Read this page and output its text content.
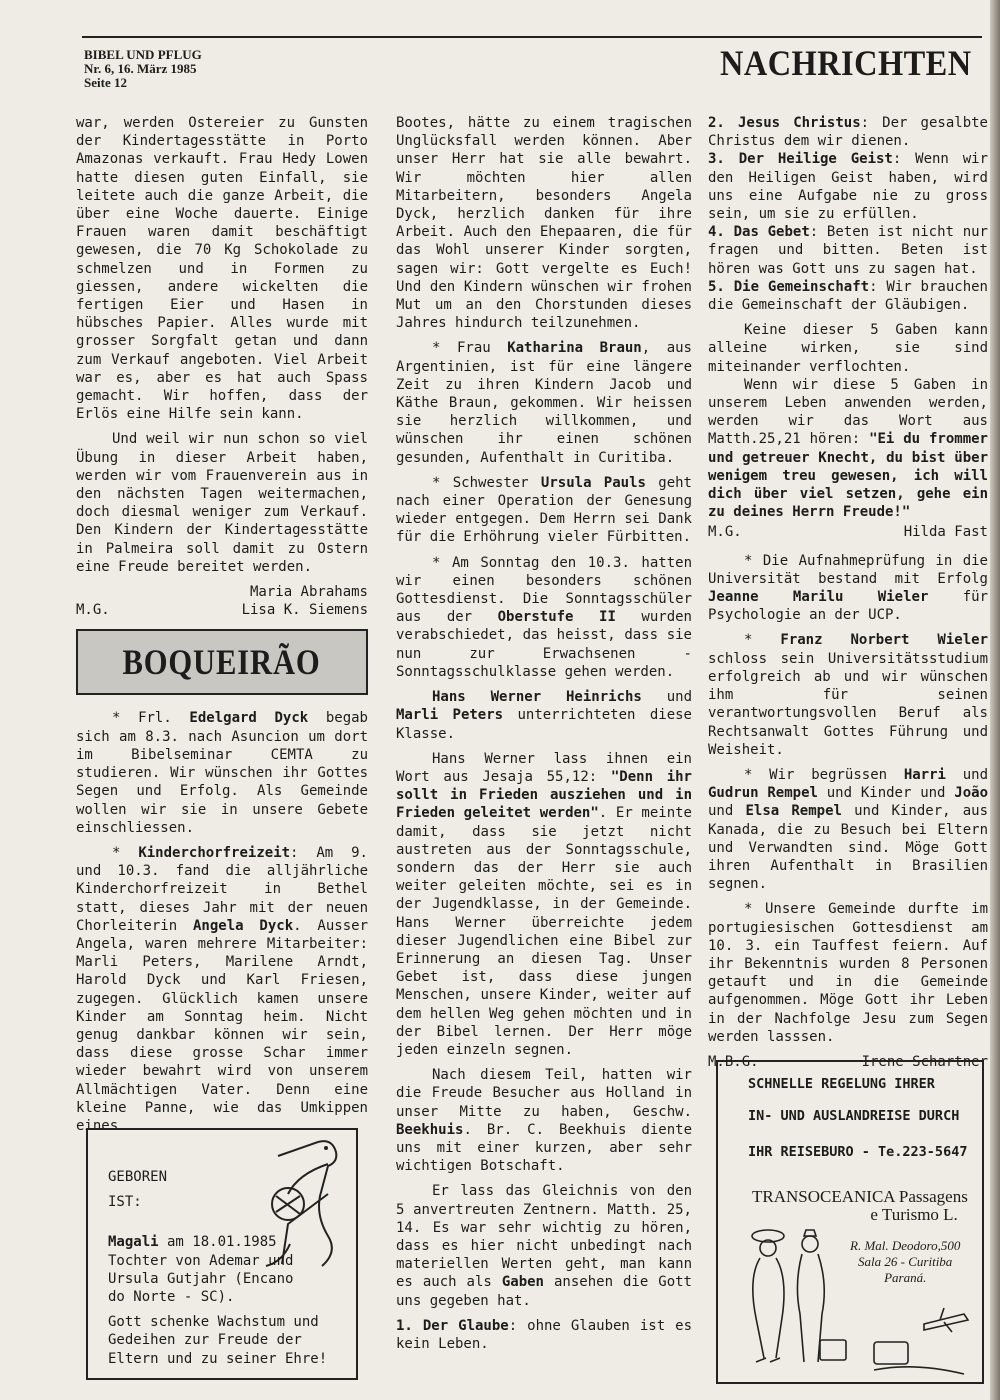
BIBEL UND PFLUG
Nr. 6, 16. März 1985
Seite 12	NACHRICHTEN

war, werden Ostereier zu Gunsten der Kindertagesstätte in Porto Amazonas verkauft. Frau Hedy Lowen hatte diesen guten Einfall, sie leitete auch die ganze Arbeit, die über eine Woche dauerte. Einige Frauen waren damit beschäftigt gewesen, die 70 Kg Schokolade zu schmelzen und in Formen zu giessen, andere wickelten die fertigen Eier und Hasen in hübsches Papier. Alles wurde mit grosser Sorgfalt getan und dann zum Verkauf angeboten. Viel Arbeit war es, aber es hat auch Spass gemacht. Wir hoffen, dass der Erlös eine Hilfe sein kann.

Und weil wir nun schon so viel Übung in dieser Arbeit haben, werden wir vom Frauenverein aus in den nächsten Tagen weitermachen, doch diesmal weniger zum Verkauf. Den Kindern der Kindertagesstätte in Palmeira soll damit zu Ostern eine Freude bereitet werden.

M.G.
Maria Abrahams
Lisa K. Siemens
BOQUEIRÃO

* Frl. Edelgard Dyck begab sich am 8.3. nach Asuncion um dort im Bibelseminar CEMTA zu studieren. Wir wünschen ihr Gottes Segen und Erfolg. Als Gemeinde wollen wir sie in unsere Gebete einschliessen.

* Kinderchorfreizeit: Am 9. und 10.3. fand die alljährliche Kinderchorfreizeit in Bethel statt, dieses Jahr mit der neuen Chorleiterin Angela Dyck. Ausser Angela, waren mehrere Mitarbeiter: Marli Peters, Marilene Arndt, Harold Dyck und Karl Friesen, zugegen. Glücklich kamen unsere Kinder am Sonntag heim. Nicht genug dankbar können wir sein, dass diese grosse Schar immer wieder bewahrt wird von unserem Allmächtigen Vater. Denn eine kleine Panne, wie das Umkippen eines

GEBOREN

IST:

Magali am 18.01.1985 Tochter von Ademar und Ursula Gutjahr (Encano do Norte - SC).

Gott schenke Wachstum und Gedeihen zur Freude der Eltern und zu seiner Ehre!

Bootes, hätte zu einem tragischen Unglücksfall werden können. Aber unser Herr hat sie alle bewahrt. Wir möchten hier allen Mitarbeitern, besonders Angela Dyck, herzlich danken für ihre Arbeit. Auch den Ehepaaren, die für das Wohl unserer Kinder sorgten, sagen wir: Gott vergelte es Euch! Und den Kindern wünschen wir frohen Mut um an den Chorstunden dieses Jahres hindurch teilzunehmen.

* Frau Katharina Braun, aus Argentinien, ist für eine längere Zeit zu ihren Kindern Jacob und Käthe Braun, gekommen. Wir heissen sie herzlich willkommen, und wünschen ihr einen schönen gesunden, Aufenthalt in Curitiba.

* Schwester Ursula Pauls geht nach einer Operation der Genesung wieder entgegen. Dem Herrn sei Dank für die Erhöhrung vieler Fürbitten.

* Am Sonntag den 10.3. hatten wir einen besonders schönen Gottesdienst. Die Sonntagsschüler aus der Oberstufe II wurden verabschiedet, das heisst, dass sie nun zur Erwachsenen - Sonntagsschulklasse gehen werden.

Hans Werner Heinrichs und Marli Peters unterrichteten diese Klasse.

Hans Werner lass ihnen ein Wort aus Jesaja 55,12: "Denn ihr sollt in Frieden ausziehen und in Frieden geleitet werden". Er meinte damit, dass sie jetzt nicht austreten aus der Sonntagsschule, sondern das der Herr sie auch weiter geleiten möchte, sei es in der Jugendklasse, in der Gemeinde. Hans Werner überreichte jedem dieser Jugendlichen eine Bibel zur Erinnerung an diesen Tag. Unser Gebet ist, dass diese jungen Menschen, unsere Kinder, weiter auf dem hellen Weg gehen möchten und in der Bibel lernen. Der Herr möge jeden einzeln segnen.

Nach diesem Teil, hatten wir die Freude Besucher aus Holland in unser Mitte zu haben, Geschw. Beekhuis. Br. C. Beekhuis diente uns mit einer kurzen, aber sehr wichtigen Botschaft.

Er lass das Gleichnis von den 5 anvertreuten Zentnern. Matth. 25, 14. Es war sehr wichtig zu hören, dass es hier nicht unbedingt nach materiellen Werten geht, man kann es auch als Gaben ansehen die Gott uns gegeben hat.

1. Der Glaube: ohne Glauben ist es kein Leben.

2. Jesus Christus: Der gesalbte Christus dem wir dienen.

3. Der Heilige Geist: Wenn wir den Heiligen Geist haben, wird uns eine Aufgabe nie zu gross sein, um sie zu erfüllen.

4. Das Gebet: Beten ist nicht nur fragen und bitten. Beten ist hören was Gott uns zu sagen hat.

5. Die Gemeinschaft: Wir brauchen die Gemeinschaft der Gläubigen.

Keine dieser 5 Gaben kann alleine wirken, sie sind miteinander verflochten.

Wenn wir diese 5 Gaben in unserem Leben anwenden werden, werden wir das Wort aus Matth.25,21 hören: "Ei du frommer und getreuer Knecht, du bist über wenigem treu gewesen, ich will dich über viel setzen, gehe ein zu deines Herrn Freude!"

M.G.	Hilda Fast

* Die Aufnahmeprüfung in die Universität bestand mit Erfolg Jeanne Marilu Wieler für Psychologie an der UCP.

* Franz Norbert Wieler schloss sein Universitätsstudium erfolgreich ab und wir wünschen ihm für seinen verantwortungsvollen Beruf als Rechtsanwalt Gottes Führung und Weisheit.

* Wir begrüssen Harri und Gudrun Rempel und Kinder und João und Elsa Rempel und Kinder, aus Kanada, die zu Besuch bei Eltern und Verwandten sind. Möge Gott ihren Aufenthalt in Brasilien segnen.

* Unsere Gemeinde durfte im portugiesischen Gottesdienst am 10. 3. ein Tauffest feiern. Auf ihr Bekenntnis wurden 8 Personen getauft und in die Gemeinde aufgenommen. Möge Gott ihr Leben in der Nachfolge Jesu zum Segen werden lasssen.

M.B.G.	Irene Schartner
SCHNELLE REGELUNG IHRER
IN- UND AUSLANDREISE DURCH
IHR REISEBURO - Te.223-5647
TRANSOCEANICA Passagens
e Turismo L.
R. Mal. Deodoro,500
Sala 26 - Curitiba
Paraná.
